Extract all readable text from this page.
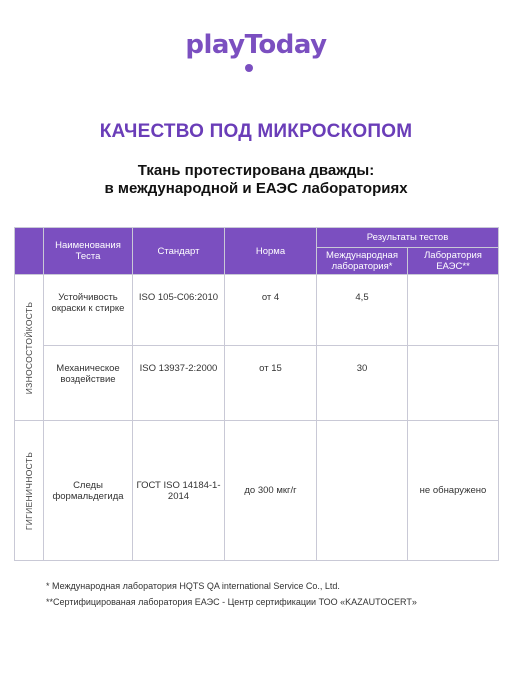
playToday
КАЧЕСТВО ПОД МИКРОСКОПОМ
Ткань протестирована дважды:
в международной и ЕАЭС лабораториях
	Наименования Теста	Стандарт	Норма	Результаты тестов	
				Международная лаборатория*	Лаборатория ЕАЭС**

ИЗНОСОСТОЙКОСТЬ	Устойчивость окраски к стирке	ISO 105-C06:2010	от 4	4,5	
	Механическое воздействие	ISO 13937-2:2000	от 15	30	

ГИГИЕНИЧНОСТЬ	Следы формальдегида	ГОСТ ISO 14184-1-2014	до 300 мкг/г		не обнаружено
* Международная лаборатория HQTS QA international Service Co., Ltd.
**Сертифицированая лаборатория ЕАЭС - Центр сертификации ТОО «KAZAUTOCERT»
